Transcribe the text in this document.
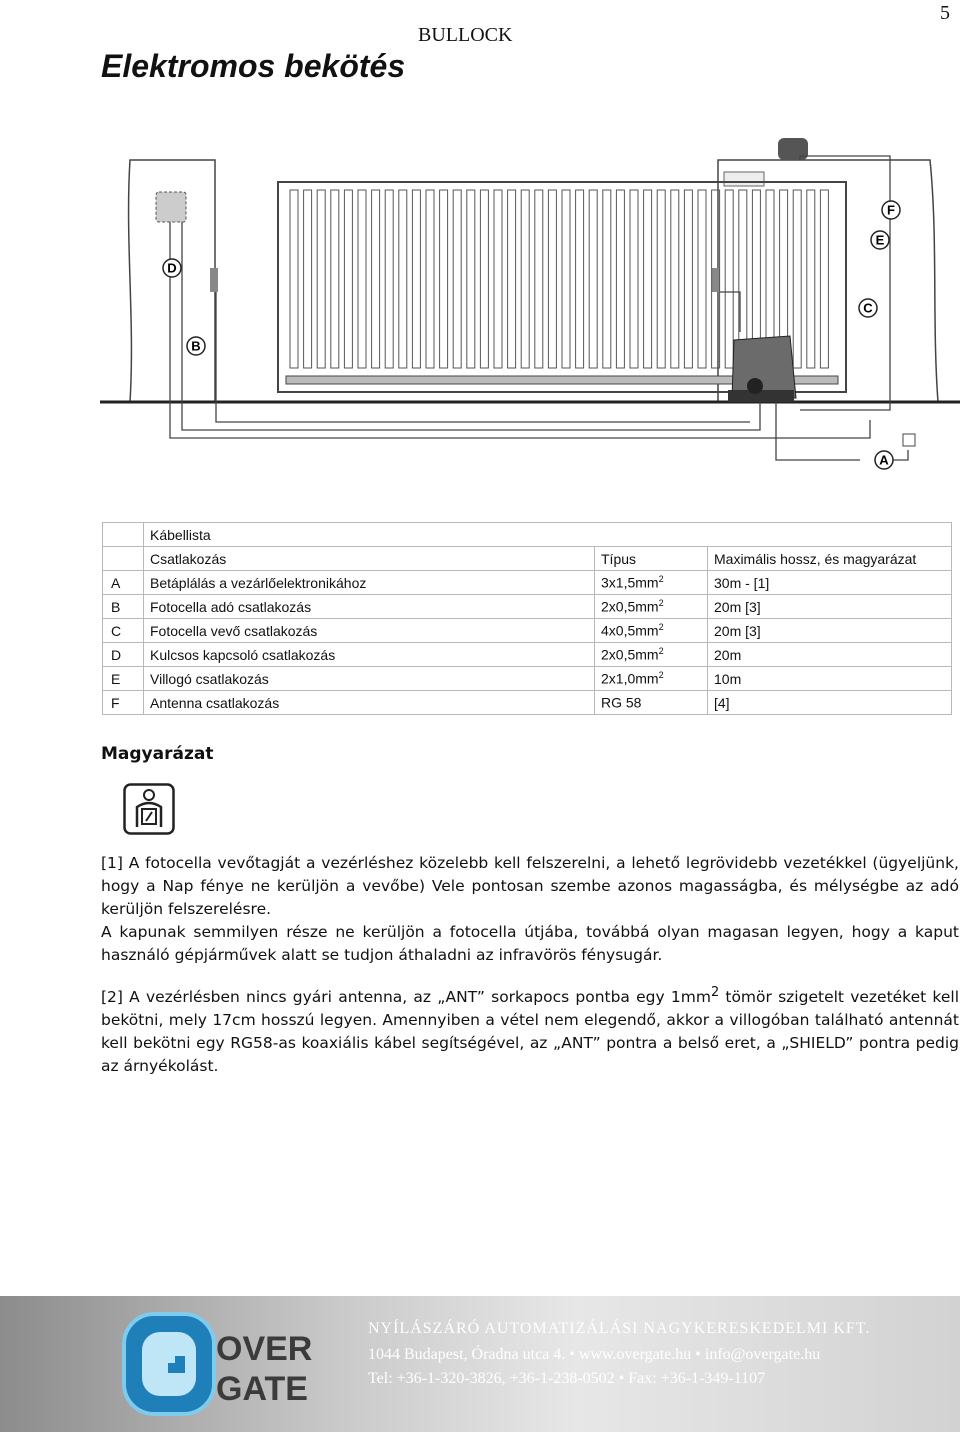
5
BULLOCK
Elektromos bekötés
A
B
C
D
E
F
	Kábellista		
	Csatlakozás	Típus	Maximális hossz, és magyarázat
A	Betáplálás a vezárlőelektronikához	$3x1,5mm^2$	30m - [1]
B	Fotocella adó csatlakozás	$2x0,5mm^2$	20m [3]
C	Fotocella vevő csatlakozás	$4x0,5mm^2$	20m [3]
D	Kulcsos kapcsoló csatlakozás	$2x0,5mm^2$	20m
E	Villogó csatlakozás	$2x1,0mm^2$	10m
F	Antenna csatlakozás	RG 58	[4]
Magyarázat

[1] A fotocella vevőtagját a vezérléshez közelebb kell felszerelni, a lehető legrövidebb vezetékkel (ügyeljünk, hogy a Nap fénye ne kerüljön a vevőbe) Vele pontosan szembe azonos magasságba, és mélységbe az adó kerüljön felszerelésre.

A kapunak semmilyen része ne kerüljön a fotocella útjába, továbbá olyan magasan legyen, hogy a kaput használó gépjárművek alatt se tudjon áthaladni az infravörös fénysugár.

[2] A vezérlésben nincs gyári antenna, az „ANT” sorkapocs pontba egy $1mm^2$ tömör szigetelt vezetéket kell bekötni, mely 17cm hosszú legyen. Amennyiben a vétel nem elegendő, akkor a villogóban található antennát kell bekötni egy RG58-as koaxiális kábel segítségével, az „ANT” pontra a belső eret, a „SHIELD” pontra pedig az árnyékolást.

OVER
GATE
NYÍLÁSZÁRÓ AUTOMATIZÁLÁSI NAGYKERESKEDELMI KFT.
1044 Budapest, Óradna utca 4. • www.overgate.hu • info@overgate.hu
Tel: +36-1-320-3826, +36-1-238-0502 • Fax: +36-1-349-1107
